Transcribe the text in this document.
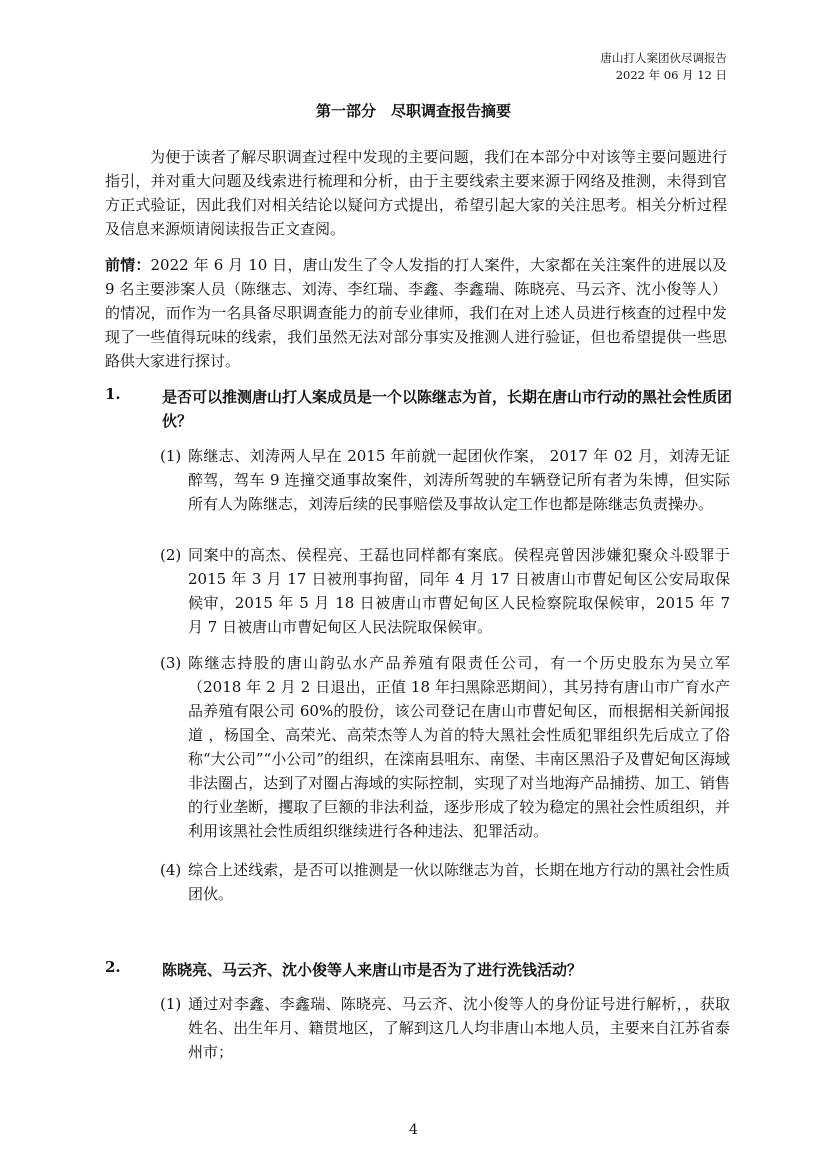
唐山打人案团伙尽调报告
2022 年 06 月 12 日
第一部分　尽职调查报告摘要

为便于读者了解尽职调查过程中发现的主要问题，我们在本部分中对该等主要问题进行指引，并对重大问题及线索进行梳理和分析，由于主要线索主要来源于网络及推测，未得到官方正式验证，因此我们对相关结论以疑问方式提出，希望引起大家的关注思考。相关分析过程及信息来源烦请阅读报告正文查阅。

前情：2022 年 6 月 10 日，唐山发生了令人发指的打人案件，大家都在关注案件的进展以及 9 名主要涉案人员（陈继志、刘涛、李红瑞、李鑫、李鑫瑞、陈晓亮、马云齐、沈小俊等人）的情况，而作为一名具备尽职调查能力的前专业律师，我们在对上述人员进行核查的过程中发现了一些值得玩味的线索，我们虽然无法对部分事实及推测人进行验证，但也希望提供一些思路供大家进行探讨。

1.	是否可以推测唐山打人案成员是一个以陈继志为首，长期在唐山市行动的黑社会性质团伙？

(1) 陈继志、刘涛两人早在 2015 年前就一起团伙作案， 2017 年 02 月，刘涛无证醉驾，驾车 9 连撞交通事故案件，刘涛所驾驶的车辆登记所有者为朱博，但实际所有人为陈继志，刘涛后续的民事赔偿及事故认定工作也都是陈继志负责操办。
(2) 同案中的高杰、侯程亮、王磊也同样都有案底。侯程亮曾因涉嫌犯聚众斗殴罪于 2015 年 3 月 17 日被刑事拘留，同年 4 月 17 日被唐山市曹妃甸区公安局取保候审，2015 年 5 月 18 日被唐山市曹妃甸区人民检察院取保候审，2015 年 7 月 7 日被唐山市曹妃甸区人民法院取保候审。
(3) 陈继志持股的唐山韵弘水产品养殖有限责任公司，有一个历史股东为吴立军（2018 年 2 月 2 日退出，正值 18 年扫黑除恶期间），其另持有唐山市广育水产品养殖有限公司 60%的股份，该公司登记在唐山市曹妃甸区，而根据相关新闻报道 ，杨国全、高荣光、高荣杰等人为首的特大黑社会性质犯罪组织先后成立了俗称“大公司”“小公司”的组织，在滦南县咀东、南堡、丰南区黑沿子及曹妃甸区海域非法圈占，达到了对圈占海域的实际控制，实现了对当地海产品捕捞、加工、销售的行业垄断，攫取了巨额的非法利益，逐步形成了较为稳定的黑社会性质组织，并利用该黑社会性质组织继续进行各种违法、犯罪活动。
(4) 综合上述线索，是否可以推测是一伙以陈继志为首，长期在地方行动的黑社会性质团伙。
2.	陈晓亮、马云齐、沈小俊等人来唐山市是否为了进行洗钱活动？

(1) 通过对李鑫、李鑫瑞、陈晓亮、马云齐、沈小俊等人的身份证号进行解析，，获取姓名、出生年月、籍贯地区，了解到这几人均非唐山本地人员，主要来自江苏省泰州市；
4
